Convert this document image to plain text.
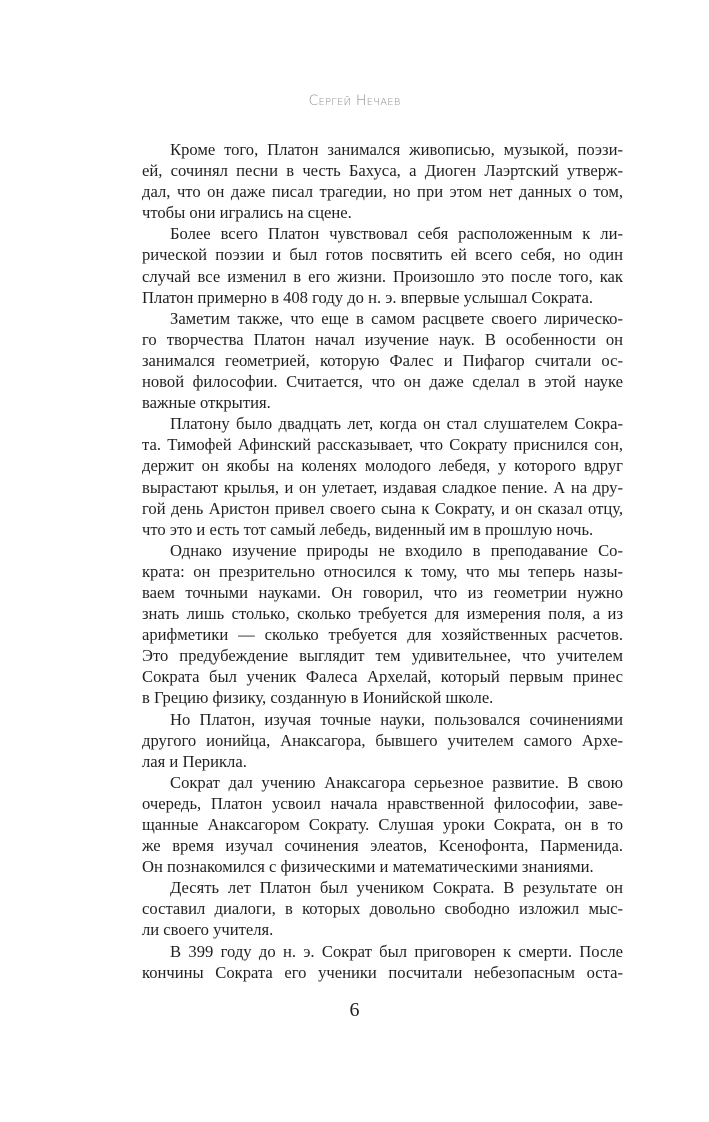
Сергей Нечаев
Кроме того, Платон занимался живописью, музыкой, поэзи-
ей, сочинял песни в честь Бахуса, а Диоген Лаэртский утверж-
дал, что он даже писал трагедии, но при этом нет данных о том,
чтобы они игрались на сцене.
Более всего Платон чувствовал себя расположенным к ли-
рической поэзии и был готов посвятить ей всего себя, но один
случай все изменил в его жизни. Произошло это после того, как
Платон примерно в 408 году до н. э. впервые услышал Сократа.
Заметим также, что еще в самом расцвете своего лирическо-
го творчества Платон начал изучение наук. В особенности он
занимался геометрией, которую Фалес и Пифагор считали ос-
новой философии. Считается, что он даже сделал в этой науке
важные открытия.
Платону было двадцать лет, когда он стал слушателем Сокра-
та. Тимофей Афинский рассказывает, что Сократу приснился сон,
держит он якобы на коленях молодого лебедя, у которого вдруг
вырастают крылья, и он улетает, издавая сладкое пение. А на дру-
гой день Аристон привел своего сына к Сократу, и он сказал отцу,
что это и есть тот самый лебедь, виденный им в прошлую ночь.
Однако изучение природы не входило в преподавание Со-
крата: он презрительно относился к тому, что мы теперь назы-
ваем точными науками. Он говорил, что из геометрии нужно
знать лишь столько, сколько требуется для измерения поля, а из
арифметики — сколько требуется для хозяйственных расчетов.
Это предубеждение выглядит тем удивительнее, что учителем
Сократа был ученик Фалеса Архелай, который первым принес
в Грецию физику, созданную в Ионийской школе.
Но Платон, изучая точные науки, пользовался сочинениями
другого ионийца, Анаксагора, бывшего учителем самого Архе-
лая и Перикла.
Сократ дал учению Анаксагора серьезное развитие. В свою
очередь, Платон усвоил начала нравственной философии, заве-
щанные Анаксагором Сократу. Слушая уроки Сократа, он в то
же время изучал сочинения элеатов, Ксенофонта, Парменида.
Он познакомился с физическими и математическими знаниями.
Десять лет Платон был учеником Сократа. В результате он
составил диалоги, в которых довольно свободно изложил мыс-
ли своего учителя.
В 399 году до н. э. Сократ был приговорен к смерти. После
кончины Сократа его ученики посчитали небезопасным оста-
6
